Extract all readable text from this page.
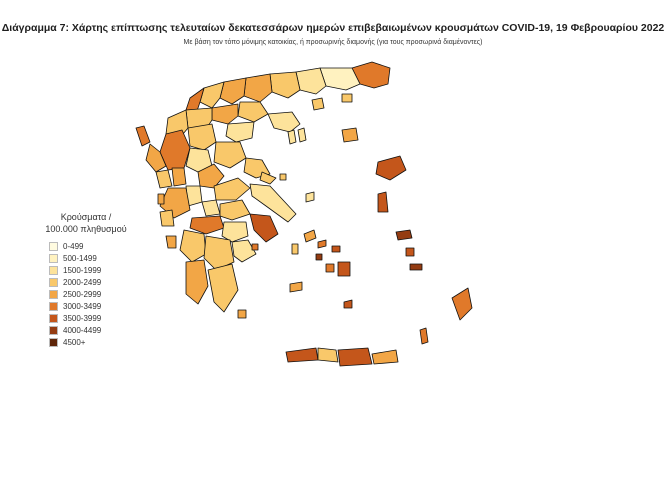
Διάγραμμα 7: Χάρτης επίπτωσης τελευταίων δεκατεσσάρων ημερών επιβεβαιωμένων κρουσμάτων COVID-19, 19 Φεβρουαρίου 2022
Με βάση τον τόπο μόνιμης κατοικίας, ή προσωρινής διαμονής (για τους προσωρινά διαμένοντες)
Κρούσματα /
100.000 πληθυσμού
0-499
500-1499
1500-1999
2000-2499
2500-2999
3000-3499
3500-3999
4000-4499
4500+
